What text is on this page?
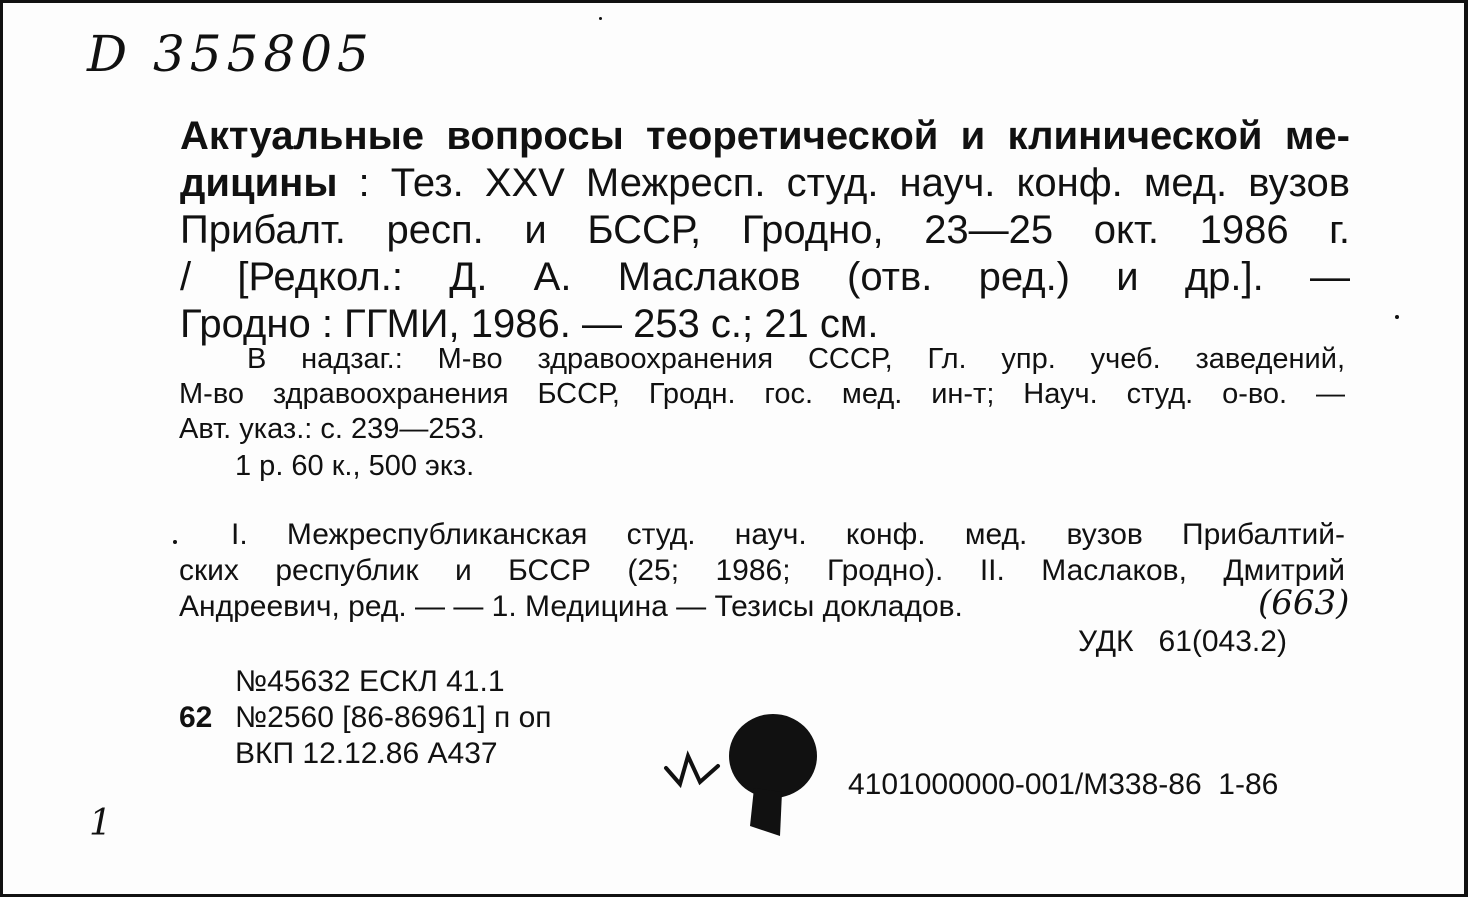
D 355805
Актуальные вопросы теоретической и клинической ме-
дицины : Тез. XXV Межресп. студ. науч. конф. мед. вузов
Прибалт. респ. и БССР, Гродно, 23—25 окт. 1986 г.
/ [Редкол.: Д. А. Маслаков (отв. ред.) и др.]. —
Гродно : ГГМИ, 1986. — 253 с.; 21 см.
В надзаг.: М-во здравоохранения СССР, Гл. упр. учеб. заведений,
М-во здравоохранения БССР, Гродн. гос. мед. ин-т; Науч. студ. о-во. —
Авт. указ.: с. 239—253.
1 р. 60 к., 500 экз.
I. Межреспубликанская студ. науч. конф. мед. вузов Прибалтий-
ских республик и БССР (25; 1986; Гродно). II. Маслаков, Дмитрий
Андреевич, ред. — — 1. Медицина — Тезисы докладов.	(663)
УДК   61(043.2)
№45632 ЕСКЛ 41.1
62 №2560 [86-86961] п оп
ВКП 12.12.86 А437
4101000000-001/М338-86  1-86
1
